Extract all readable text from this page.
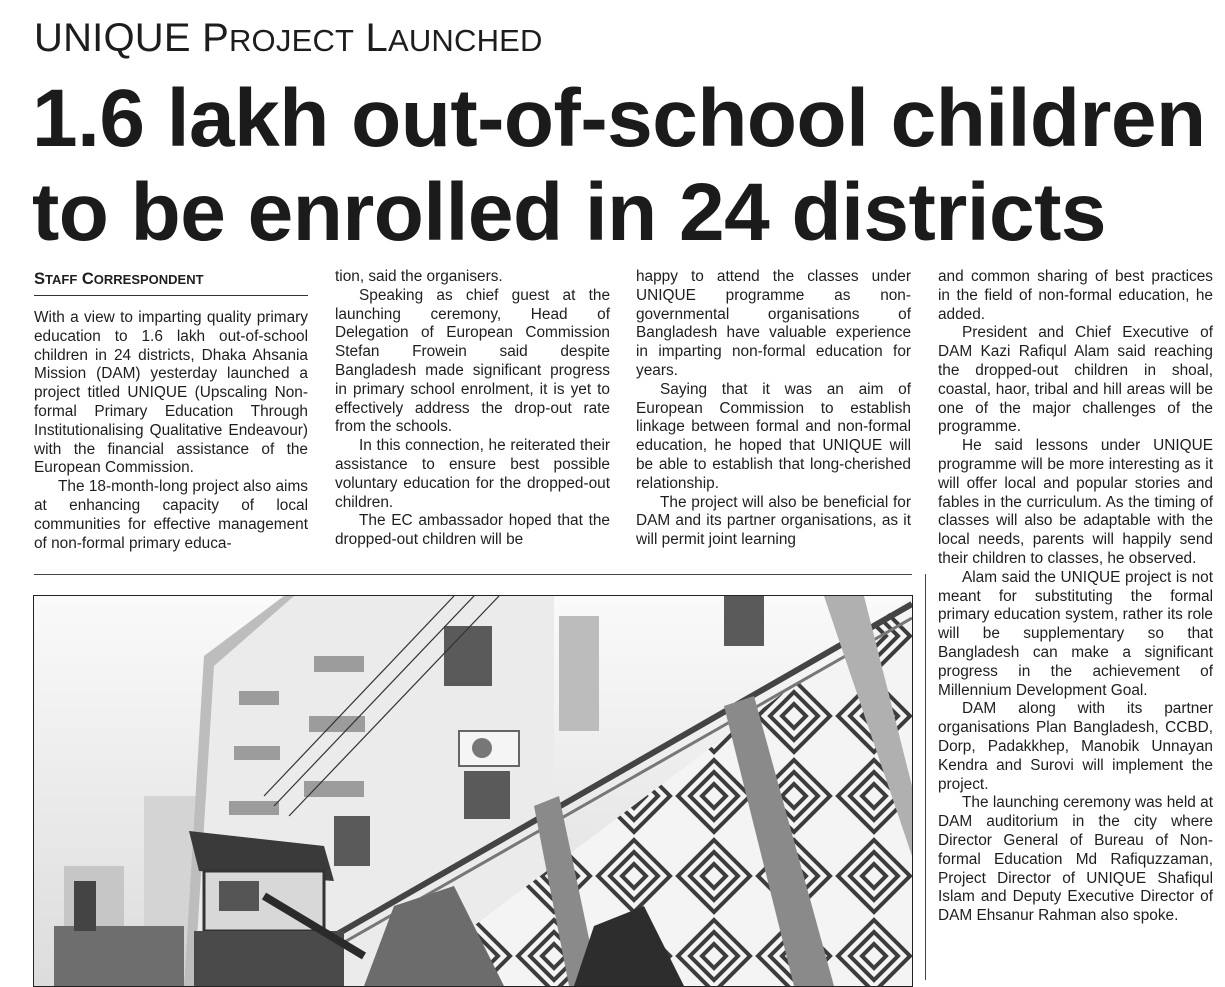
UNIQUE PROJECT LAUNCHED
1.6 lakh out-of-school children
to be enrolled in 24 districts
STAFF CORRESPONDENT

With a view to imparting quality primary education to 1.6 lakh out-of-school children in 24 districts, Dhaka Ahsania Mission (DAM) yesterday launched a project titled UNIQUE (Upscaling Non-formal Primary Education Through Institutionalising Qualitative Endeavour) with the financial assistance of the European Commission.

The 18-month-long project also aims at enhancing capacity of local communities for effective management of non-formal primary educa-

tion, said the organisers.

Speaking as chief guest at the launching ceremony, Head of Delegation of European Commission Stefan Frowein said despite Bangladesh made significant progress in primary school enrolment, it is yet to effectively address the drop-out rate from the schools.

In this connection, he reiterated their assistance to ensure best possible voluntary education for the dropped-out children.

The EC ambassador hoped that the dropped-out children will be

happy to attend the classes under UNIQUE programme as non-governmental organisations of Bangladesh have valuable experience in imparting non-formal education for years.

Saying that it was an aim of European Commission to establish linkage between formal and non-formal education, he hoped that UNIQUE will be able to establish that long-cherished relationship.

The project will also be beneficial for DAM and its partner organisations, as it will permit joint learning

and common sharing of best practices in the field of non-formal education, he added.

President and Chief Executive of DAM Kazi Rafiqul Alam said reaching the dropped-out children in shoal, coastal, haor, tribal and hill areas will be one of the major challenges of the programme.

He said lessons under UNIQUE programme will be more interesting as it will offer local and popular stories and fables in the curriculum. As the timing of classes will also be adaptable with the local needs, parents will happily send their children to classes, he observed.

Alam said the UNIQUE project is not meant for substituting the formal primary education system, rather its role will be supplementary so that Bangladesh can make a significant progress in the achievement of Millennium Development Goal.

DAM along with its partner organisations Plan Bangladesh, CCBD, Dorp, Padakkhep, Manobik Unnayan Kendra and Surovi will implement the project.

The launching ceremony was held at DAM auditorium in the city where Director General of Bureau of Non-formal Education Md Rafiquzzaman, Project Director of UNIQUE Shafiqul Islam and Deputy Executive Director of DAM Ehsanur Rahman also spoke.
